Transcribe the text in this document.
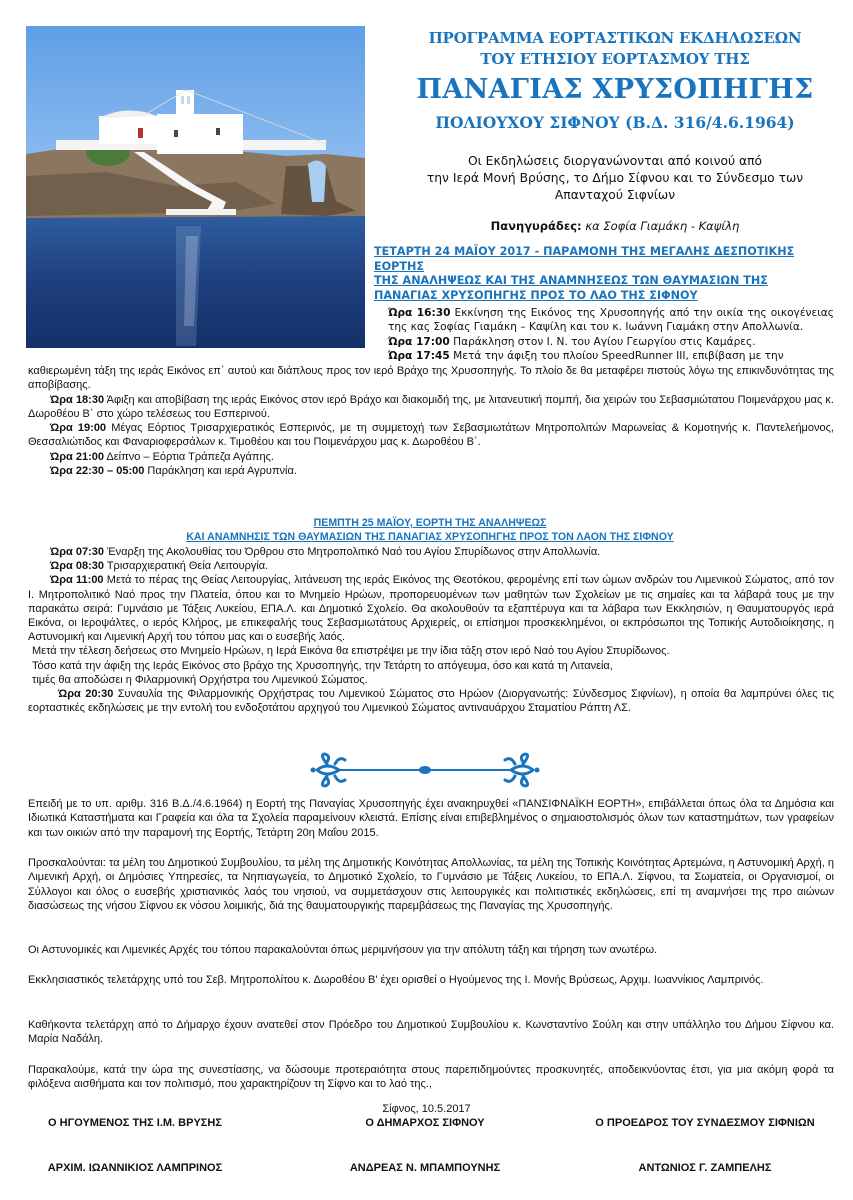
ΠΡΟΓΡΑΜΜΑ ΕΟΡΤΑΣΤΙΚΩΝ ΕΚΔΗΛΩΣΕΩΝ
ΤΟΥ ΕΤΗΣΙΟΥ ΕΟΡΤΑΣΜΟΥ ΤΗΣ
ΠΑΝΑΓΙΑΣ ΧΡΥΣΟΠΗΓΗΣ
ΠΟΛΙΟΥΧΟΥ ΣΙΦΝΟΥ (Β.Δ. 316/4.6.1964)
Οι Εκδηλώσεις διοργανώνονται από κοινού από
την Ιερά Μονή Βρύσης, το Δήμο Σίφνου και το Σύνδεσμο των
Απανταχού Σιφνίων
Πανηγυράδες: κα Σοφία Γιαμάκη - Καψίλη
ΤΕΤΑΡΤΗ 24 ΜΑΪΟΥ 2017 - ΠΑΡΑΜΟΝΗ ΤΗΣ ΜΕΓΑΛΗΣ ΔΕΣΠΟΤΙΚΗΣ ΕΟΡΤΗΣ
ΤΗΣ ΑΝΑΛΗΨΕΩΣ ΚΑΙ ΤΗΣ ΑΝΑΜΝΗΣΕΩΣ ΤΩΝ ΘΑΥΜΑΣΙΩΝ ΤΗΣ
ΠΑΝΑΓΙΑΣ ΧΡΥΣΟΠΗΓΗΣ ΠΡΟΣ ΤΟ ΛΑΟ ΤΗΣ ΣΙΦΝΟΥ

Ώρα 16:30 Εκκίνηση της Εικόνος της Χρυσοπηγής από την οικία της οικογένειας της κας Σοφίας Γιαμάκη – Καψίλη και του κ. Ιωάννη Γιαμάκη στην Απολλωνία.

Ώρα 17:00 Παράκληση στον Ι. Ν. του Αγίου Γεωργίου στις Καμάρες.

Ώρα 17:45 Μετά την άφιξη του πλοίου SpeedRunner III, επιβίβαση με την

καθιερωμένη τάξη της ιεράς Εικόνος επ΄ αυτού και διάπλους προς τον ιερό Βράχο της Χρυσοπηγής. Το πλοίο δε θα μεταφέρει πιστούς λόγω της επικινδυνότητας της αποβίβασης.

Ώρα 18:30 Άφιξη και αποβίβαση της ιεράς Εικόνος στον ιερό Βράχο και διακομιδή της, με λιτανευτική πομπή, δια χειρών του Σεβασμιώτατου Ποιμενάρχου μας κ. Δωροθέου Β΄ στο χώρο τελέσεως του Εσπερινού.

Ώρα 19:00 Μέγας Εόρτιος Τρισαρχιερατικός Εσπερινός, με τη συμμετοχή των Σεβασμιωτάτων Μητροπολιτών Μαρωνείας & Κομοτηνής κ. Παντελεήμονος, Θεσσαλιώτιδος και Φαναριοφερσάλων κ. Τιμοθέου και του Ποιμενάρχου μας κ. Δωροθέου Β΄.

Ώρα 21:00 Δείπνο – Εόρτια Τράπεζα Αγάπης.

Ώρα 22:30 – 05:00 Παράκληση και ιερά Αγρυπνία.

ΠΕΜΠΤΗ 25 ΜΑΪΟΥ, ΕΟΡΤΗ ΤΗΣ ΑΝΑΛΗΨΕΩΣ
ΚΑΙ ΑΝΑΜΝΗΣΙΣ ΤΩΝ ΘΑΥΜΑΣΙΩΝ ΤΗΣ ΠΑΝΑΓΙΑΣ ΧΡΥΣΟΠΗΓΗΣ ΠΡΟΣ ΤΟΝ ΛΑΟΝ ΤΗΣ ΣΙΦΝΟΥ

Ώρα 07:30 Έναρξη της Ακολουθίας του Όρθρου στο Μητροπολιτικό Ναό του Αγίου Σπυρίδωνος στην Απολλωνία.

Ώρα 08:30 Τρισαρχιερατική Θεία Λειτουργία.

Ώρα 11:00 Μετά το πέρας της Θείας Λειτουργίας, λιτάνευση της ιεράς Εικόνος της Θεοτόκου, φερομένης επί των ώμων ανδρών του Λιμενικού Σώματος, από τον Ι. Μητροπολιτικό Ναό προς την Πλατεία, όπου και το Μνημείο Ηρώων, προπορευομένων των μαθητών των Σχολείων με τις σημαίες και τα λάβαρά τους με την παρακάτω σειρά: Γυμνάσιο με Τάξεις Λυκείου, ΕΠΑ.Λ. και Δημοτικό Σχολείο. Θα ακολουθούν τα εξαπτέρυγα και τα λάβαρα των Εκκλησιών, η Θαυματουργός ιερά Εικόνα, οι Ιεροψάλτες, ο ιερός Κλήρος, με επικεφαλής τους Σεβασμιωτάτους Αρχιερείς, οι επίσημοι προσκεκλημένοι, οι εκπρόσωποι της Τοπικής Αυτοδιοίκησης, η Αστυνομική και Λιμενική Αρχή του τόπου μας και ο ευσεβής λαός.

Μετά την τέλεση δεήσεως στο Μνημείο Ηρώων, η Ιερά Εικόνα θα επιστρέψει με την ίδια τάξη στον ιερό Ναό του Αγίου Σπυρίδωνος.

Τόσο κατά την άφιξη της Ιεράς Εικόνος στο βράχο της Χρυσοπηγής, την Τετάρτη το απόγευμα, όσο και κατά τη Λιτανεία,

τιμές θα αποδώσει η Φιλαρμονική Ορχήστρα του Λιμενικού Σώματος.

Ώρα 20:30 Συναυλία της Φιλαρμονικής Ορχήστρας του Λιμενικού Σώματος στο Ηρώον (Διοργανωτής: Σύνδεσμος Σιφνίων), η οποία θα λαμπρύνει όλες τις εορταστικές εκδηλώσεις με την εντολή του ενδοξοτάτου αρχηγού του Λιμενικού Σώματος αντιναυάρχου Σταματίου Ράπτη ΛΣ.

Επειδή με το υπ. αριθμ. 316 Β.Δ./4.6.1964) η Εορτή της Παναγίας Χρυσοπηγής έχει ανακηρυχθεί «ΠΑΝΣΙΦΝΑΪΚΗ ΕΟΡΤΗ», επιβάλλεται όπως όλα τα Δημόσια και Ιδιωτικά Καταστήματα και Γραφεία και όλα τα Σχολεία παραμείνουν κλειστά. Επίσης είναι επιβεβλημένος ο σημαιοστολισμός όλων των καταστημάτων, των γραφείων και των οικιών από την παραμονή της Εορτής, Τετάρτη 20η Μαΐου 2015.
Προσκαλούνται: τα μέλη του Δημοτικού Συμβουλίου, τα μέλη της Δημοτικής Κοινότητας Απολλωνίας, τα μέλη της Τοπικής Κοινότητας Αρτεμώνα, η Αστυνομική Αρχή, η Λιμενική Αρχή, οι Δημόσιες Υπηρεσίες, τα Νηπιαγωγεία, το Δημοτικό Σχολείο, το Γυμνάσιο με Τάξεις Λυκείου, το ΕΠΑ.Λ. Σίφνου, τα Σωματεία, οι Οργανισμοί, οι Σύλλογοι και όλος ο ευσεβής χριστιανικός λαός του νησιού, να συμμετάσχουν στις λειτουργικές και πολιτιστικές εκδηλώσεις, επί τη αναμνήσει της προ αιώνων διασώσεως της νήσου Σίφνου εκ νόσου λοιμικής, διά της θαυματουργικής παρεμβάσεως της Παναγίας της Χρυσοπηγής.
Οι Αστυνομικές και Λιμενικές Αρχές του τόπου παρακαλούνται όπως μεριμνήσουν για την απόλυτη τάξη και τήρηση των ανωτέρω.
Εκκλησιαστικός τελετάρχης υπό του Σεβ. Μητροπολίτου κ. Δωροθέου Β' έχει ορισθεί ο Ηγούμενος της Ι. Μονής Βρύσεως, Αρχιμ. Ιωαννίκιος Λαμπρινός.
Καθήκοντα τελετάρχη από το Δήμαρχο έχουν ανατεθεί στον Πρόεδρο του Δημοτικού Συμβουλίου κ. Κωνσταντίνο Σούλη και στην υπάλληλο του Δήμου Σίφνου κα. Μαρία Ναδάλη.
Παρακαλούμε, κατά την ώρα της συνεστίασης, να δώσουμε προτεραιότητα στους παρεπιδημούντες προσκυνητές, αποδεικνύοντας έτσι, για μια ακόμη φορά τα φιλόξενα αισθήματα και τον πολιτισμό, που χαρακτηρίζουν τη Σίφνο και το λαό της.,
Σίφνος, 10.5.2017
Ο ΗΓΟΥΜΕΝΟΣ ΤΗΣ Ι.Μ. ΒΡΥΣΗΣ	Ο ΔΗΜΑΡΧΟΣ ΣΙΦΝΟΥ	Ο ΠΡΟΕΔΡΟΣ ΤΟΥ ΣΥΝΔΕΣΜΟΥ ΣΙΦΝΙΩΝ
ΑΡΧΙΜ. ΙΩΑΝΝΙΚΙΟΣ ΛΑΜΠΡΙΝΟΣ	ΑΝΔΡΕΑΣ Ν. ΜΠΑΜΠΟΥΝΗΣ	ΑΝΤΩΝΙΟΣ Γ. ΖΑΜΠΕΛΗΣ
